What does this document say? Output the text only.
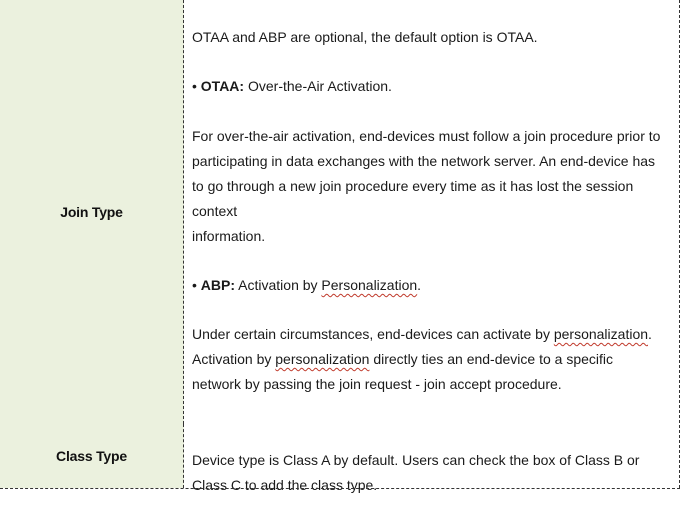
Join Type

OTAA and ABP are optional, the default option is OTAA.

• OTAA: Over-the-Air Activation.

For over-the-air activation, end-devices must follow a join procedure prior to

participating in data exchanges with the network server. An end-device has

to go through a new join procedure every time as it has lost the session

context

information.

• ABP: Activation by Personalization.

Under certain circumstances, end-devices can activate by personalization.

Activation by personalization directly ties an end-device to a specific

network by passing the join request - join accept procedure.

Class Type	Device type is Class A by default. Users can check the box of Class B or

Class C to add the class type.
